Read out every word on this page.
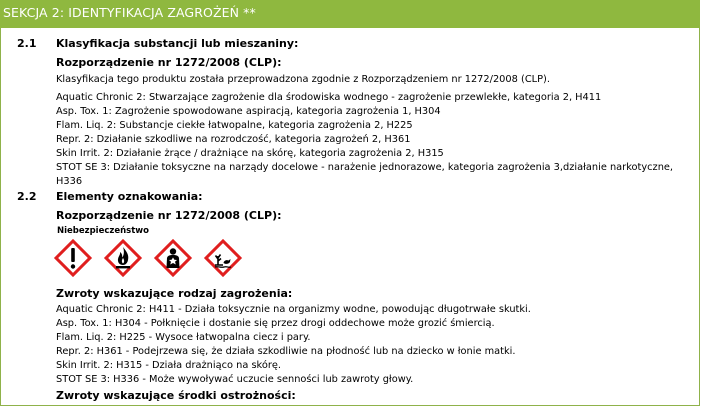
SEKCJA 2: IDENTYFIKACJA ZAGROŻEŃ **
2.1 Klasyfikacja substancji lub mieszaniny:
Rozporządzenie nr 1272/2008 (CLP):
Klasyfikacja tego produktu została przeprowadzona zgodnie z Rozporządzeniem nr 1272/2008 (CLP).
Aquatic Chronic 2: Stwarzające zagrożenie dla środowiska wodnego - zagrożenie przewlekłe, kategoria 2, H411
Asp. Tox. 1: Zagrożenie spowodowane aspiracją, kategoria zagrożenia 1, H304
Flam. Liq. 2: Substancje ciekłe łatwopalne, kategoria zagrożenia 2, H225
Repr. 2: Działanie szkodliwe na rozrodczość, kategoria zagrożeń 2, H361
Skin Irrit. 2: Działanie żrące / drażniące na skórę, kategoria zagrożenia 2, H315
STOT SE 3: Działanie toksyczne na narządy docelowe - narażenie jednorazowe, kategoria zagrożenia 3,działanie narkotyczne,
H336
2.2 Elementy oznakowania:
Rozporządzenie nr 1272/2008 (CLP):
Niebezpieczeństwo
Zwroty wskazujące rodzaj zagrożenia:
Aquatic Chronic 2: H411 - Działa toksycznie na organizmy wodne, powodując długotrwałe skutki.
Asp. Tox. 1: H304 - Połknięcie i dostanie się przez drogi oddechowe może grozić śmiercią.
Flam. Liq. 2: H225 - Wysoce łatwopalna ciecz i pary.
Repr. 2: H361 - Podejrzewa się, że działa szkodliwie na płodność lub na dziecko w łonie matki.
Skin Irrit. 2: H315 - Działa drażniąco na skórę.
STOT SE 3: H336 - Może wywoływać uczucie senności lub zawroty głowy.
Zwroty wskazujące środki ostrożności:
